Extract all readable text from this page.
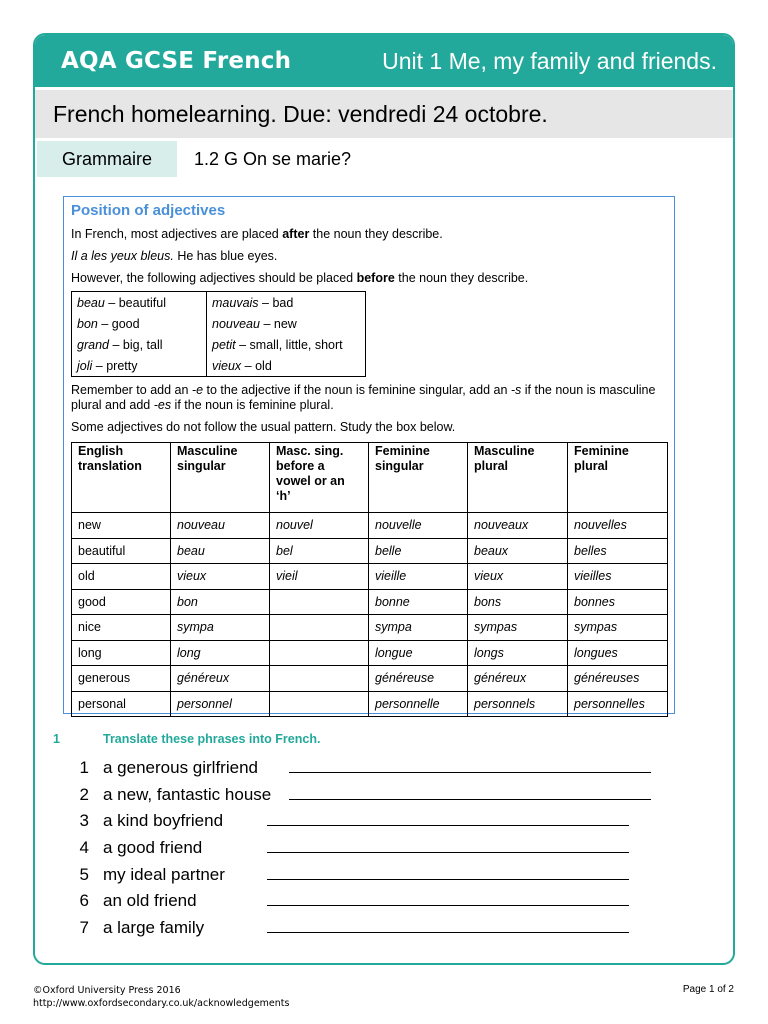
AQA GCSE French	Unit 1 Me, my family and friends.
French homelearning. Due: vendredi 24 octobre.
Grammaire 1.2 G On se marie?

Position of adjectives

In French, most adjectives are placed after the noun they describe.

Il a les yeux bleus. He has blue eyes.

However, the following adjectives should be placed before the noun they describe.

beau – beautiful	mauvais – bad
bon – good	nouveau – new
grand – big, tall	petit – small, little, short
joli – pretty	vieux – old

Remember to add an -e to the adjective if the noun is feminine singular, add an -s if the noun is masculine plural and add -es if the noun is feminine plural.

Some adjectives do not follow the usual pattern. Study the box below.

English translation	Masculine singular	Masc. sing. before a vowel or an ‘h’	Feminine singular	Masculine plural	Feminine plural
new	nouveau	nouvel	nouvelle	nouveaux	nouvelles
beautiful	beau	bel	belle	beaux	belles
old	vieux	vieil	vieille	vieux	vieilles
good	bon		bonne	bons	bonnes
nice	sympa		sympa	sympas	sympas
long	long		longue	longs	longues
generous	généreux		généreuse	généreux	généreuses
personal	personnel		personnelle	personnels	personnelles
1	Translate these phrases into French.
1 a generous girlfriend
2 a new, fantastic house
3 a kind boyfriend
4 a good friend
5 my ideal partner
6 an old friend
7 a large family
©Oxford University Press 2016
http://www.oxfordsecondary.co.uk/acknowledgements
Page 1 of 2
